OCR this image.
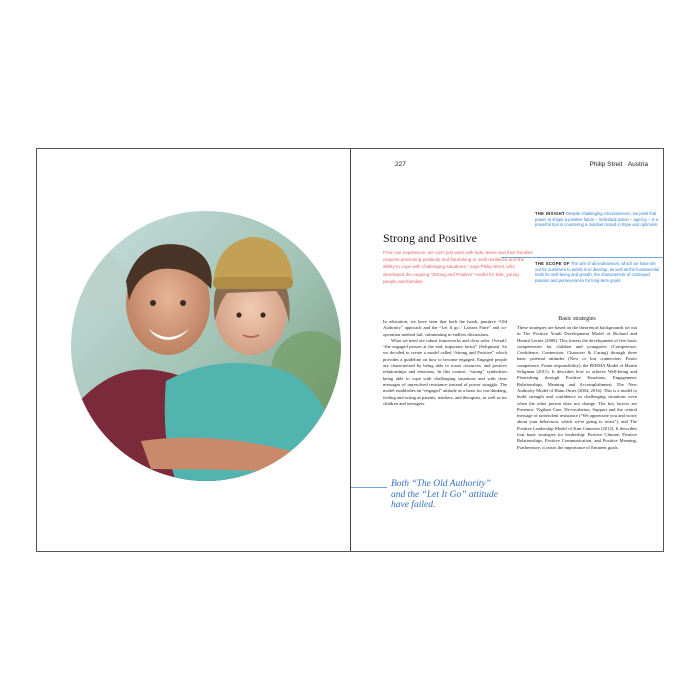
227	Philip Streit · Austria
THE INSIGHT Despite challenging circumstances, we posit that power to shape a positive future – individual action – agency – is a powerful tool in countering a mindset rooted in hope and optimism.
THE SCOPE OF The aim of all endeavours, which we have set out for ourselves to tackle is to develop, as well as the fundamental tools for well-being and growth, the characteristic of continued passion and perseverance for long-term goals.
Strong and Positive
From our experience, we can't just work with kids, teens and their families requires promoting positivity and flourishing to instil resilience and the ability to cope with challenging situations," says Philip Streit, who developed the ongoing "Strong and Positive" model for kids, young people and families.

In education, we have seen that both the harsh, punitive “Old Authority” approach and the “Let It go / Laissez Faire” and co-operation method fail, culminating in endless discussions.

What we need are robust frameworks and clear rules. Overall: “the engaged person at the end, important factor” (Seligman). So we decided to create a model called “Strong and Positive” which provides a guideline on how to become engaged. Engaged people are characterised by being able to foster resources, and positive relationships and emotions. In this context, “strong” symbolises being able to cope with challenging situations and with clear messages of unresolved resistance instead of power struggle. The model establishes an “engaged” attitude as a basis for our thinking, feeling and acting as parents, teachers, and therapists, as well as for children and teenagers.

Basic strategies

These strategies are based on the theoretical backgrounds set out in The Positive Youth Development Model of Richard and Hermit Lerner (2008). This fosters the development of five basic competencies for children and youngsters (Competence, Confidence, Connection, Character & Caring) through three basic parental attitudes (New or lost connection, Foster competence, Foster responsibility); the PERMA Model of Martin Seligman (2011). It describes how to achieve Well-being and Flourishing through Positive Emotions, Engagement, Relationships, Meaning and Accomplishment; The New Authority Model of Haim Omer (2004, 2016). This is a model to build strength and confidence in challenging situations even when the other person does not change. The key factors are Presence, Vigilant Care, De-escalation, Support and the central message of nonviolent resistance (“We appreciate you and worry about your behaviour, which we're going to resist”); and The Positive Leadership Model of Kim Cameron (2012). It describes four basic strategies for leadership: Positive Climate, Positive Relationships, Positive Communication, and Positive Meaning. Furthermore, it raises the importance of Eminent goals.

Both “The Old Authority” and the “Let It Go” attitude have failed.
